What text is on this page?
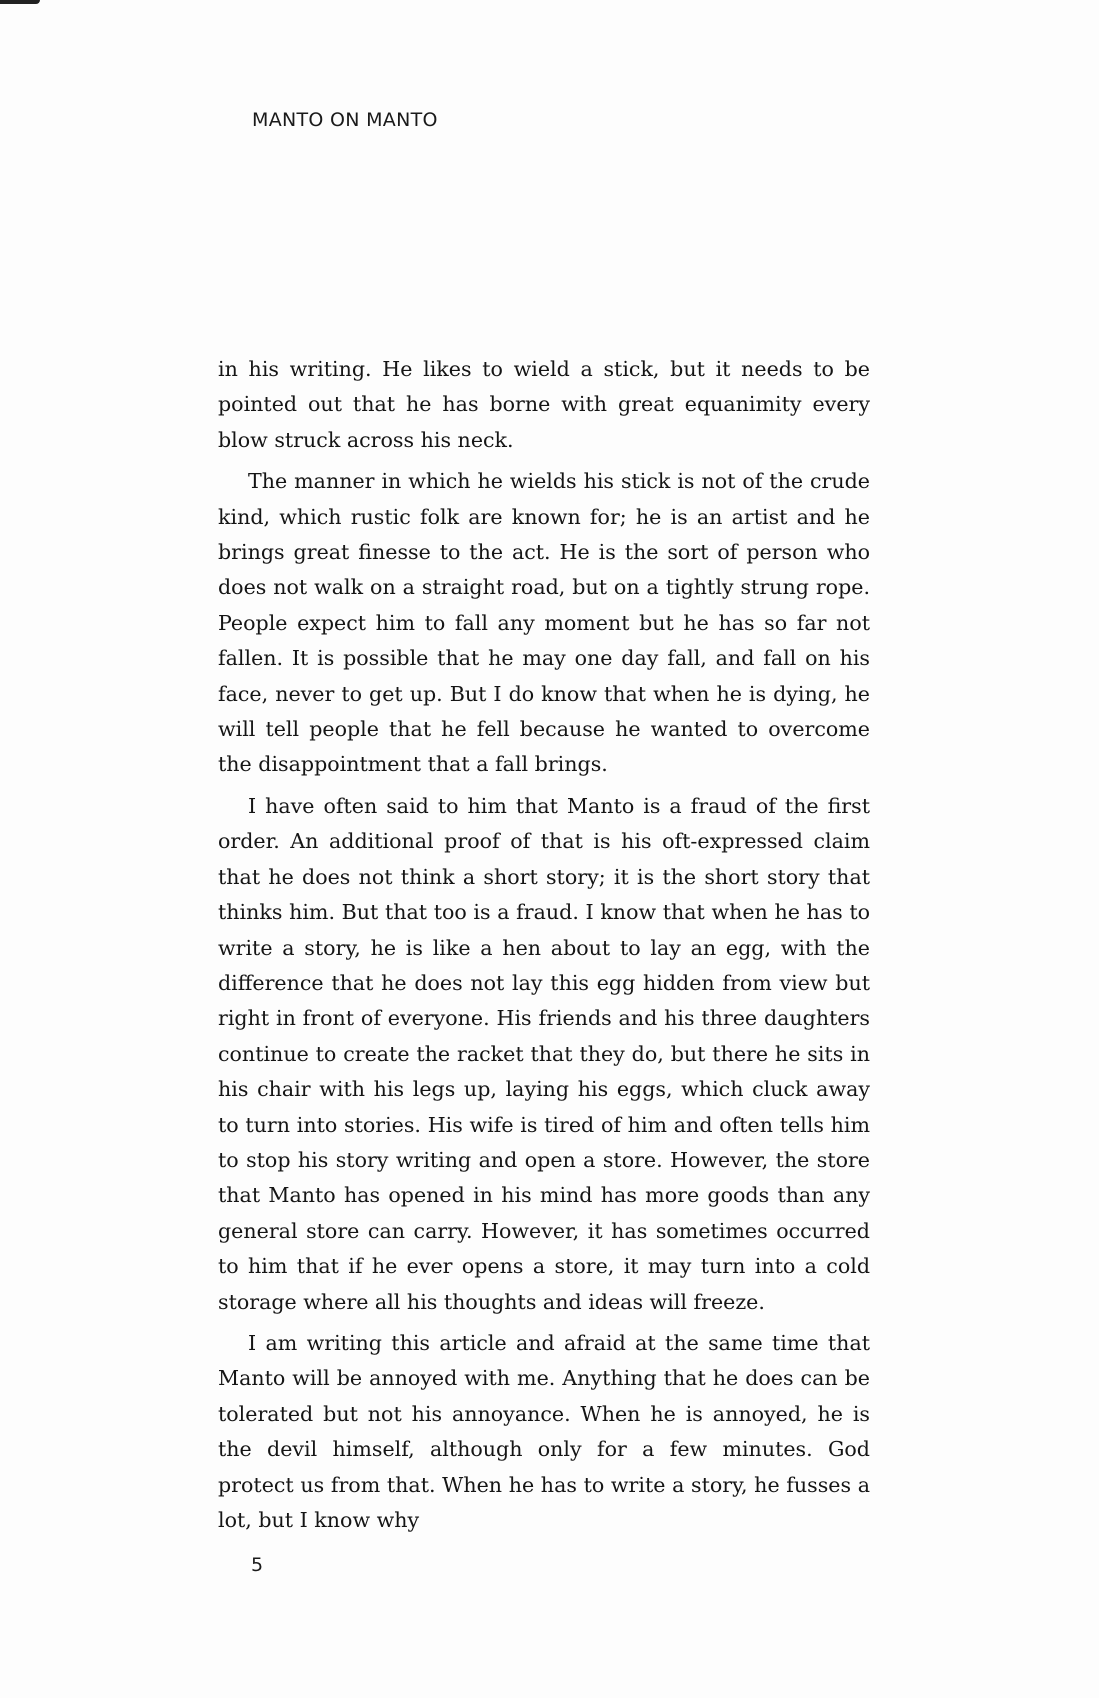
MANTO ON MANTO

in his writing. He likes to wield a stick, but it needs to be pointed out that he has borne with great equanimity every blow struck across his neck.

The manner in which he wields his stick is not of the crude kind, which rustic folk are known for; he is an artist and he brings great finesse to the act. He is the sort of person who does not walk on a straight road, but on a tightly strung rope. People expect him to fall any moment but he has so far not fallen. It is possible that he may one day fall, and fall on his face, never to get up. But I do know that when he is dying, he will tell people that he fell because he wanted to overcome the disappointment that a fall brings.

I have often said to him that Manto is a fraud of the first order. An additional proof of that is his oft-expressed claim that he does not think a short story; it is the short story that thinks him. But that too is a fraud. I know that when he has to write a story, he is like a hen about to lay an egg, with the difference that he does not lay this egg hidden from view but right in front of everyone. His friends and his three daughters continue to create the racket that they do, but there he sits in his chair with his legs up, laying his eggs, which cluck away to turn into stories. His wife is tired of him and often tells him to stop his story writing and open a store. However, the store that Manto has opened in his mind has more goods than any general store can carry. However, it has sometimes occurred to him that if he ever opens a store, it may turn into a cold storage where all his thoughts and ideas will freeze.

I am writing this article and afraid at the same time that Manto will be annoyed with me. Anything that he does can be tolerated but not his annoyance. When he is annoyed, he is the devil himself, although only for a few minutes. God protect us from that. When he has to write a story, he fusses a lot, but I know why

5
